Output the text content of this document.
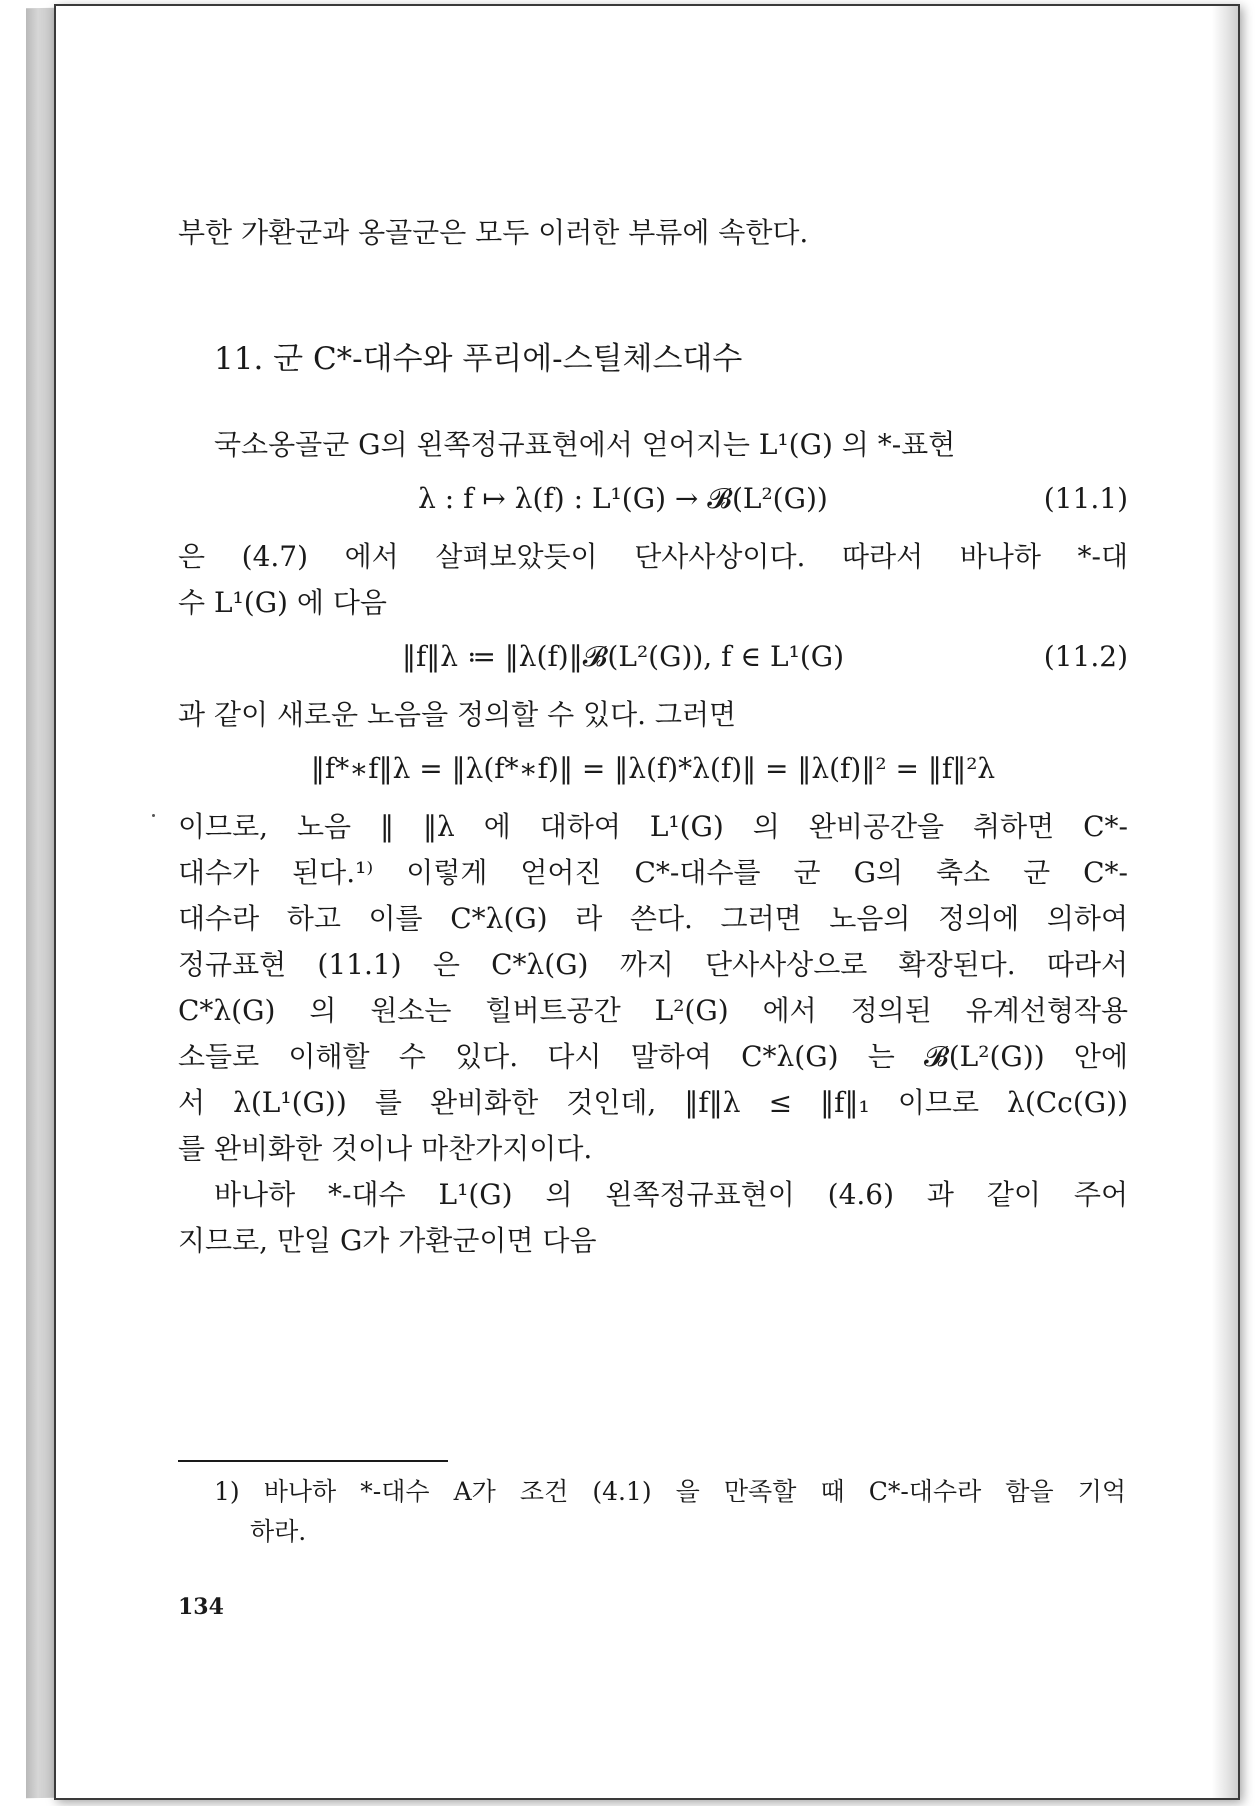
부한 가환군과 옹골군은 모두 이러한 부류에 속한다.
11. 군 C*-대수와 푸리에-스틸체스대수
국소옹골군 G의 왼쪽정규표현에서 얻어지는 L¹(G) 의 *-표현
λ : f ↦ λ(f) : L¹(G) → 𝓑(L²(G))	(11.1)
은 (4.7) 에서 살펴보았듯이 단사사상이다. 따라서 바나하 *-대
수 L¹(G) 에 다음
‖f‖λ ≔ ‖λ(f)‖𝓑(L²(G)), f ∈ L¹(G)	(11.2)
과 같이 새로운 노음을 정의할 수 있다. 그러면
‖f*∗f‖λ = ‖λ(f*∗f)‖ = ‖λ(f)*λ(f)‖ = ‖λ(f)‖² = ‖f‖²λ
이므로, 노음 ‖ ‖λ 에 대하여 L¹(G) 의 완비공간을 취하면 C*-
대수가 된다.¹⁾ 이렇게 얻어진 C*-대수를 군 G의 축소 군 C*-
대수라 하고 이를 C*λ(G) 라 쓴다. 그러면 노음의 정의에 의하여
정규표현 (11.1) 은 C*λ(G) 까지 단사사상으로 확장된다. 따라서
C*λ(G) 의 원소는 힐버트공간 L²(G) 에서 정의된 유계선형작용
소들로 이해할 수 있다. 다시 말하여 C*λ(G) 는 𝓑(L²(G)) 안에
서 λ(L¹(G)) 를 완비화한 것인데, ‖f‖λ ≤ ‖f‖₁ 이므로 λ(Cc(G))
를 완비화한 것이나 마찬가지이다.
바나하 *-대수 L¹(G) 의 왼쪽정규표현이 (4.6) 과 같이 주어
지므로, 만일 G가 가환군이면 다음
1) 바나하 *-대수 A가 조건 (4.1) 을 만족할 때 C*-대수라 함을 기억
하라.
134
